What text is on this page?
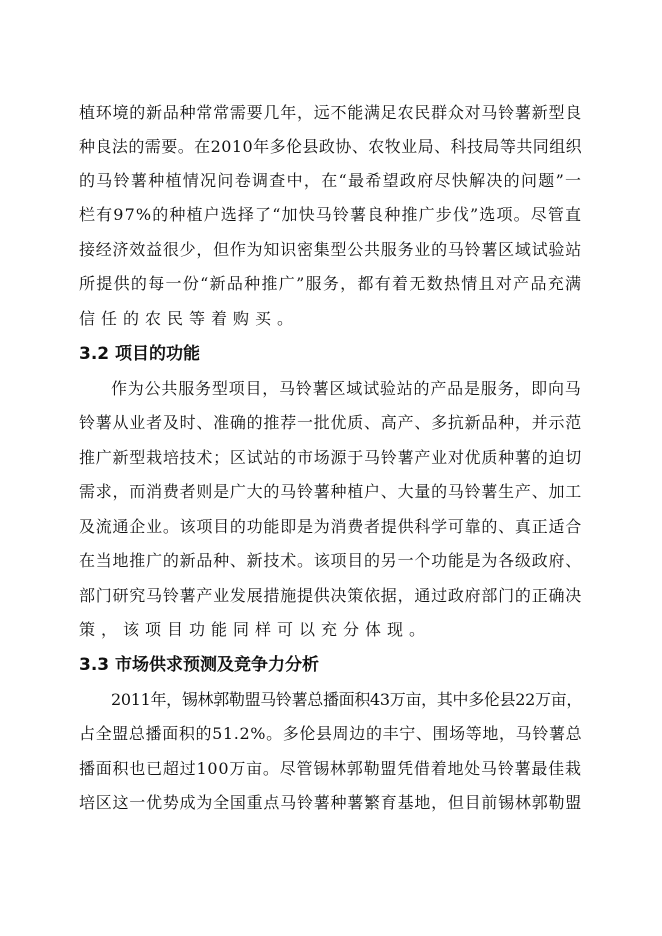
植环境的新品种常常需要几年，远不能满足农民群众对马铃薯新型良
种良法的需要。在2010年多伦县政协、农牧业局、科技局等共同组织
的马铃薯种植情况问卷调查中，在“最希望政府尽快解决的问题”一
栏有97%的种植户选择了“加快马铃薯良种推广步伐”选项。尽管直
接经济效益很少，但作为知识密集型公共服务业的马铃薯区域试验站
所提供的每一份“新品种推广”服务，都有着无数热情且对产品充满
信任的农民等着购买。
3.2 项目的功能
作为公共服务型项目，马铃薯区域试验站的产品是服务，即向马
铃薯从业者及时、准确的推荐一批优质、高产、多抗新品种，并示范
推广新型栽培技术；区试站的市场源于马铃薯产业对优质种薯的迫切
需求，而消费者则是广大的马铃薯种植户、大量的马铃薯生产、加工
及流通企业。该项目的功能即是为消费者提供科学可靠的、真正适合
在当地推广的新品种、新技术。该项目的另一个功能是为各级政府、
部门研究马铃薯产业发展措施提供决策依据，通过政府部门的正确决
策，该项目功能同样可以充分体现。
3.3 市场供求预测及竞争力分析
2011年，锡林郭勒盟马铃薯总播面积43万亩，其中多伦县22万亩，
占全盟总播面积的51.2%。多伦县周边的丰宁、围场等地，马铃薯总
播面积也已超过100万亩。尽管锡林郭勒盟凭借着地处马铃薯最佳栽
培区这一优势成为全国重点马铃薯种薯繁育基地，但目前锡林郭勒盟
